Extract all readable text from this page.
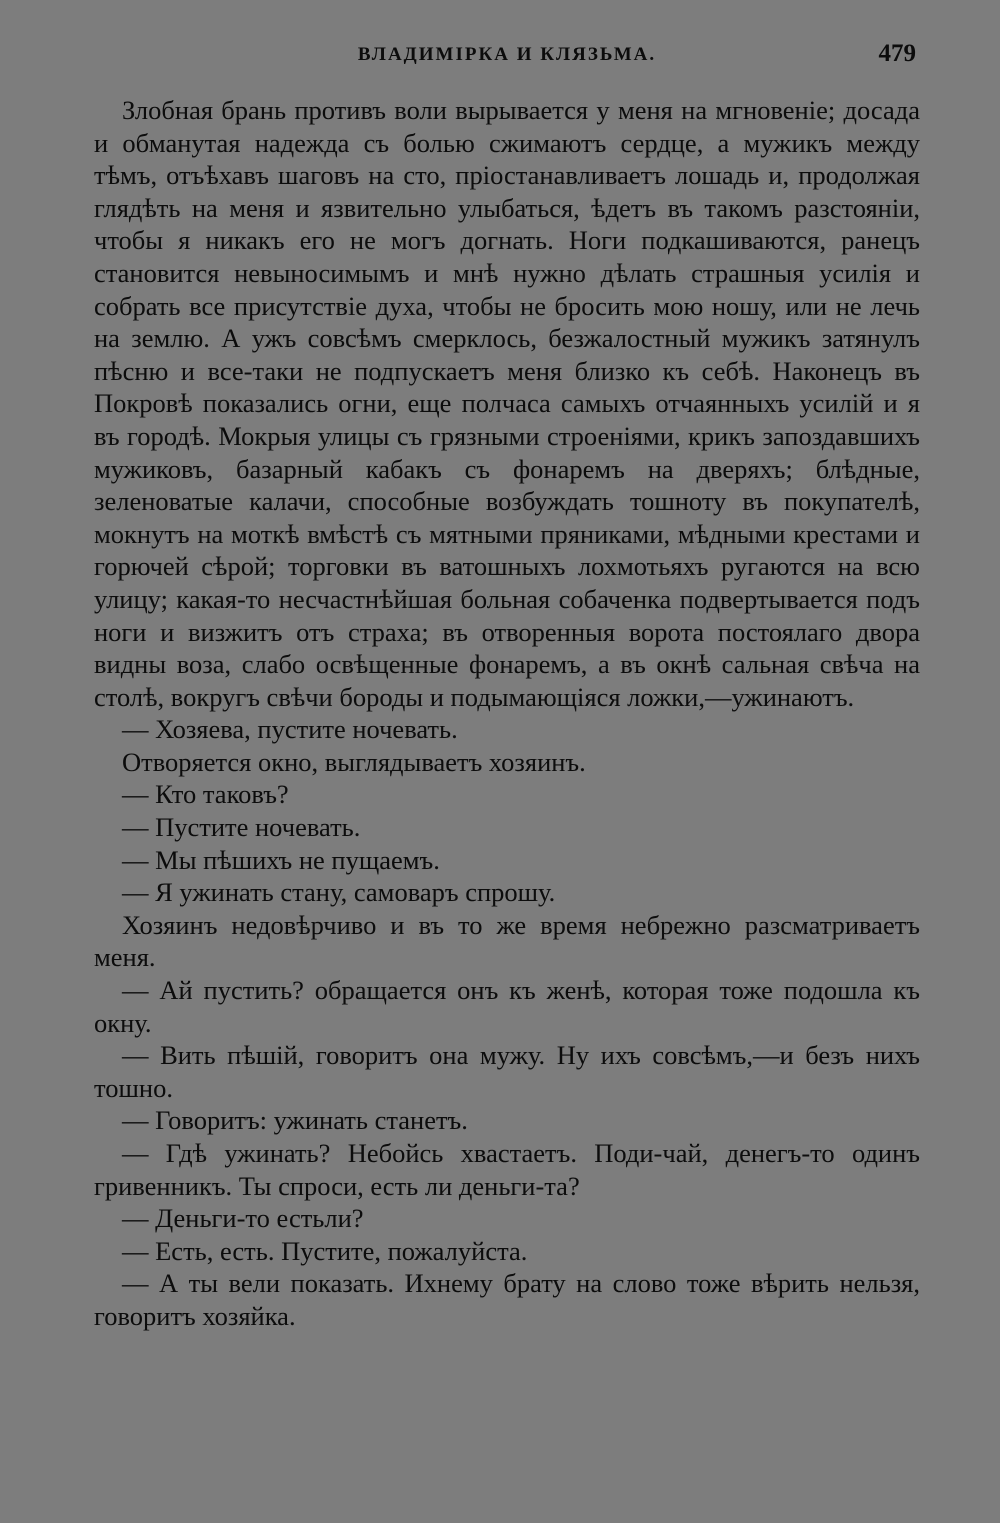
ВЛАДИМІРКА И КЛЯЗЬМА.	479

Злобная брань противъ воли вырывается у меня на мгновеніе; досада и обманутая надежда съ болью сжимаютъ сердце, а мужикъ между тѣмъ, отъѣхавъ шаговъ на сто, пріостанавливаетъ лошадь и, продолжая глядѣть на меня и язвительно улыбаться, ѣдетъ въ такомъ разстояніи, чтобы я никакъ его не могъ догнать. Ноги подкашиваются, ранецъ становится невыносимымъ и мнѣ нужно дѣлать страшныя усилія и собрать все присутствіе духа, чтобы не бросить мою ношу, или не лечь на землю. А ужъ совсѣмъ смерклось, безжалостный мужикъ затянулъ пѣсню и все-таки не подпускаетъ меня близко къ себѣ. Наконецъ въ Покровѣ показались огни, еще полчаса самыхъ отчаянныхъ усилій и я въ городѣ. Мокрыя улицы съ грязными строеніями, крикъ запоздавшихъ мужиковъ, базарный кабакъ съ фонаремъ на дверяхъ; блѣдные, зеленоватые калачи, способные возбуждать тошноту въ покупателѣ, мокнутъ на моткѣ вмѣстѣ съ мятными пряниками, мѣдными крестами и горючей сѣрой; торговки въ ватошныхъ лохмотьяхъ ругаются на всю улицу; какая-то несчастнѣйшая больная собаченка подвертывается подъ ноги и визжитъ отъ страха; въ отворенныя ворота постоялаго двора видны воза, слабо освѣщенные фонаремъ, а въ окнѣ сальная свѣча на столѣ, вокругъ свѣчи бороды и подымающіяся ложки,—ужинаютъ.

— Хозяева, пустите ночевать.

Отворяется окно, выглядываетъ хозяинъ.

— Кто таковъ?

— Пустите ночевать.

— Мы пѣшихъ не пущаемъ.

— Я ужинать стану, самоваръ спрошу.

Хозяинъ недовѣрчиво и въ то же время небрежно разсматриваетъ меня.

— Ай пустить? обращается онъ къ женѣ, которая тоже подошла къ окну.

— Вить пѣшій, говоритъ она мужу. Ну ихъ совсѣмъ,—и безъ нихъ тошно.

— Говоритъ: ужинать станетъ.

— Гдѣ ужинать? Небойсь хвастаетъ. Поди-чай, денегъ-то одинъ гривенникъ. Ты спроси, есть ли деньги-та?

— Деньги-то естьли?

— Есть, есть. Пустите, пожалуйста.

— А ты вели показать. Ихнему брату на слово тоже вѣрить нельзя, говоритъ хозяйка.
